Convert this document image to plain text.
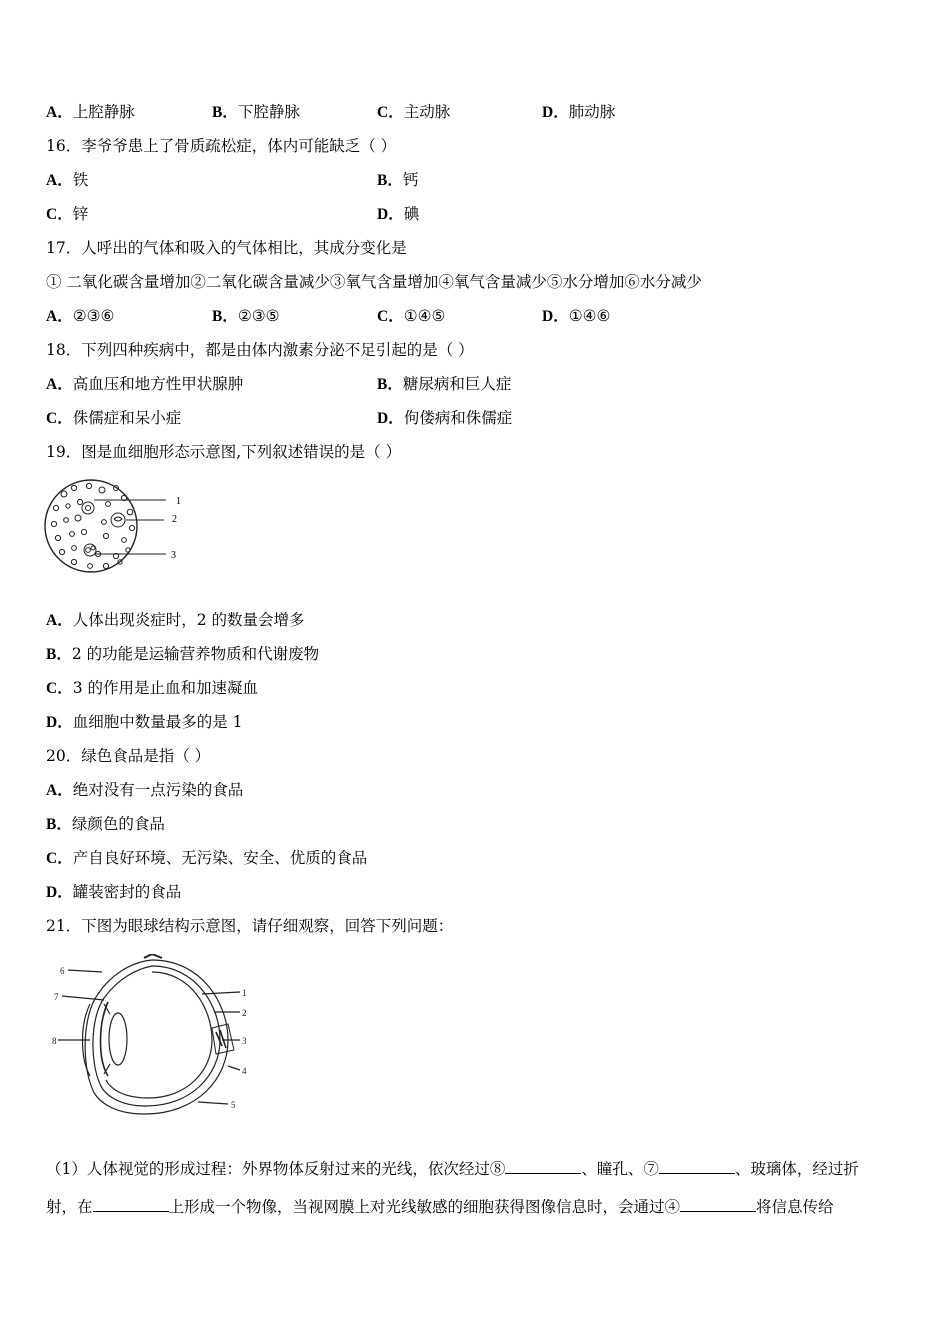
A．上腔静脉	B．下腔静脉	C．主动脉	D．肺动脉
16．李爷爷患上了骨质疏松症，体内可能缺乏（ ）
A．铁	B．钙
C．锌	D．碘
17．人呼出的气体和吸入的气体相比，其成分变化是
① 二氧化碳含量增加②二氧化碳含量减少③氧气含量增加④氧气含量减少⑤水分增加⑥水分减少
A．②③⑥	B．②③⑤	C．①④⑤	D．①④⑥
18．下列四种疾病中，都是由体内激素分泌不足引起的是（ ）
A．高血压和地方性甲状腺肿	B．糖尿病和巨人症
C．侏儒症和呆小症	D．佝偻病和侏儒症
19．图是血细胞形态示意图,下列叙述错误的是（ ）
1
2
3
A．人体出现炎症时，2 的数量会增多
B．2 的功能是运输营养物质和代谢废物
C．3 的作用是止血和加速凝血
D．血细胞中数量最多的是 1
20．绿色食品是指（ ）
A．绝对没有一点污染的食品
B．绿颜色的食品
C．产自良好环境、无污染、安全、优质的食品
D．罐装密封的食品
21．下图为眼球结构示意图，请仔细观察，回答下列问题：
1
2
3
4
5
6
7
8
（1）人体视觉的形成过程：外界物体反射过来的光线，依次经过⑧	、瞳孔、⑦	、玻璃体，经过折
射，在	上形成一个物像，当视网膜上对光线敏感的细胞获得图像信息时，会通过④	将信息传给
